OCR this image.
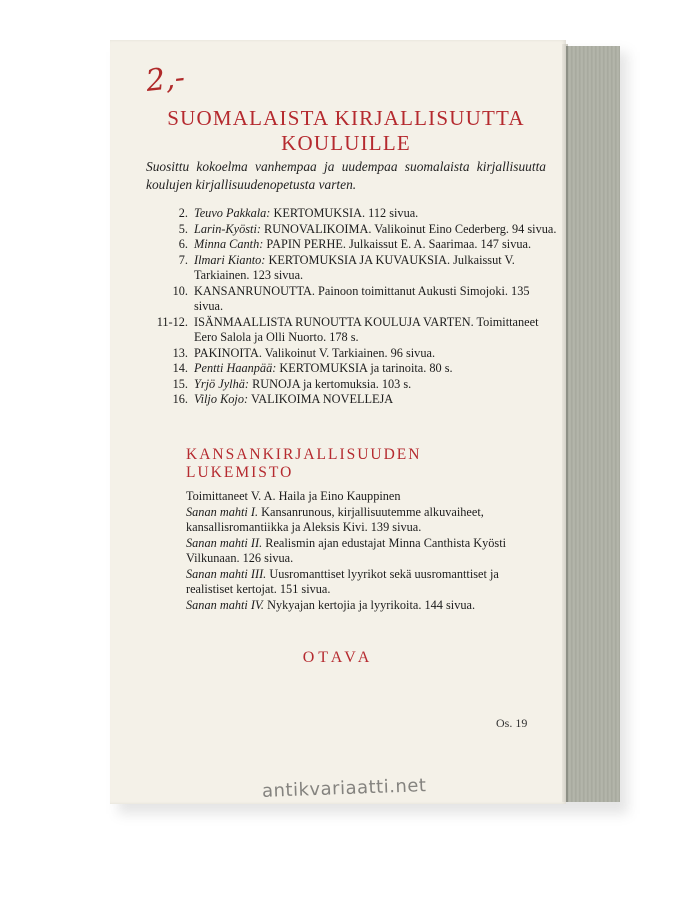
2,-
SUOMALAISTA KIRJALLISUUTTA KOULUILLE
Suosittu kokoelma vanhempaa ja uudempaa suomalaista kirjallisuutta koulujen kirjallisuudenopetusta varten.
2. Teuvo Pakkala: KERTOMUKSIA. 112 sivua.
5. Larin-Kyösti: RUNOVALIKOIMA. Valikoinut Eino Cederberg. 94 sivua.
6. Minna Canth: PAPIN PERHE. Julkaissut E. A. Saarimaa. 147 sivua.
7. Ilmari Kianto: KERTOMUKSIA JA KUVAUKSIA. Julkaissut V. Tarkiainen. 123 sivua.
10. KANSANRUNOUTTA. Painoon toimittanut Aukusti Simojoki. 135 sivua.
11-12. ISÄNMAALLISTA RUNOUTTA KOULUJA VARTEN. Toimittaneet Eero Salola ja Olli Nuorto. 178 s.
13. PAKINOITA. Valikoinut V. Tarkiainen. 96 sivua.
14. Pentti Haanpää: KERTOMUKSIA ja tarinoita. 80 s.
15. Yrjö Jylhä: RUNOJA ja kertomuksia. 103 s.
16. Viljo Kojo: VALIKOIMA NOVELLEJA
KANSANKIRJALLISUUDEN LUKEMISTO

Toimittaneet V. A. Haila ja Eino Kauppinen

Sanan mahti I. Kansanrunous, kirjallisuutemme alkuvaiheet, kansallisromantiikka ja Aleksis Kivi. 139 sivua.

Sanan mahti II. Realismin ajan edustajat Minna Canthista Kyösti Vilkunaan. 126 sivua.

Sanan mahti III. Uusromanttiset lyyrikot sekä uusromanttiset ja realistiset kertojat. 151 sivua.

Sanan mahti IV. Nykyajan kertojia ja lyyrikoita. 144 sivua.

OTAVA
Os. 19
antikvariaatti.net
